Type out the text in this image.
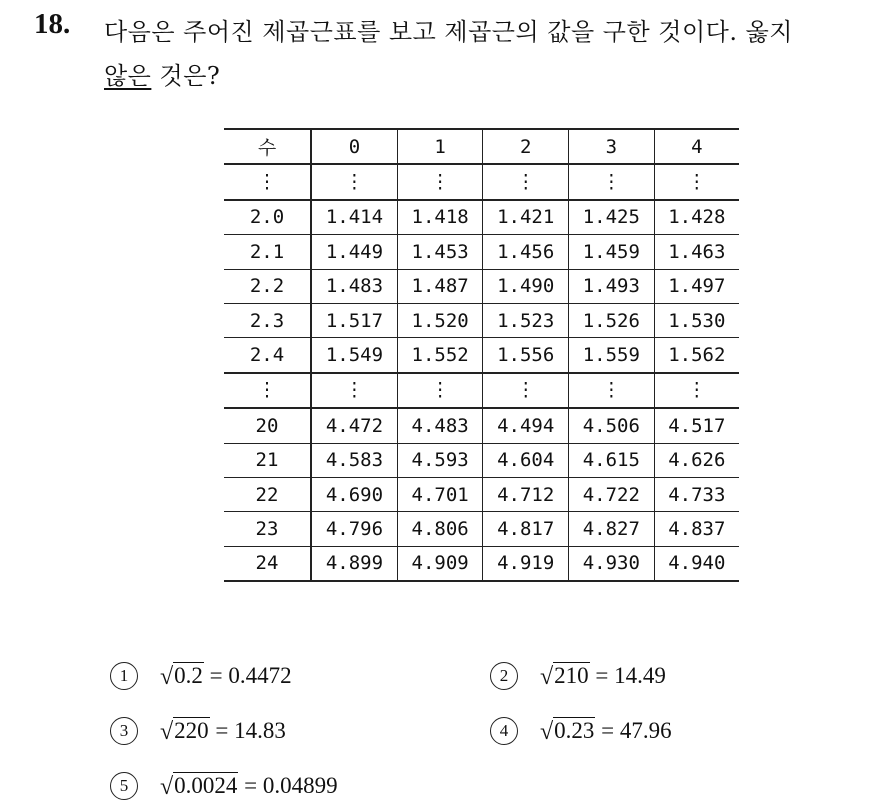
18. 다음은 주어진 제곱근표를 보고 제곱근의 값을 구한 것이다. 옳지
않은 것은?
수	0	1	2	3	4
⋮	⋮	⋮	⋮	⋮	⋮
2.0	1.414	1.418	1.421	1.425	1.428
2.1	1.449	1.453	1.456	1.459	1.463
2.2	1.483	1.487	1.490	1.493	1.497
2.3	1.517	1.520	1.523	1.526	1.530
2.4	1.549	1.552	1.556	1.559	1.562
⋮	⋮	⋮	⋮	⋮	⋮
20	4.472	4.483	4.494	4.506	4.517
21	4.583	4.593	4.604	4.615	4.626
22	4.690	4.701	4.712	4.722	4.733
23	4.796	4.806	4.817	4.827	4.837
24	4.899	4.909	4.919	4.930	4.940
1 √0.2 = 0.4472	2 √210 = 14.49
3 √220 = 14.83	4 √0.23 = 47.96
5 √0.0024 = 0.04899
